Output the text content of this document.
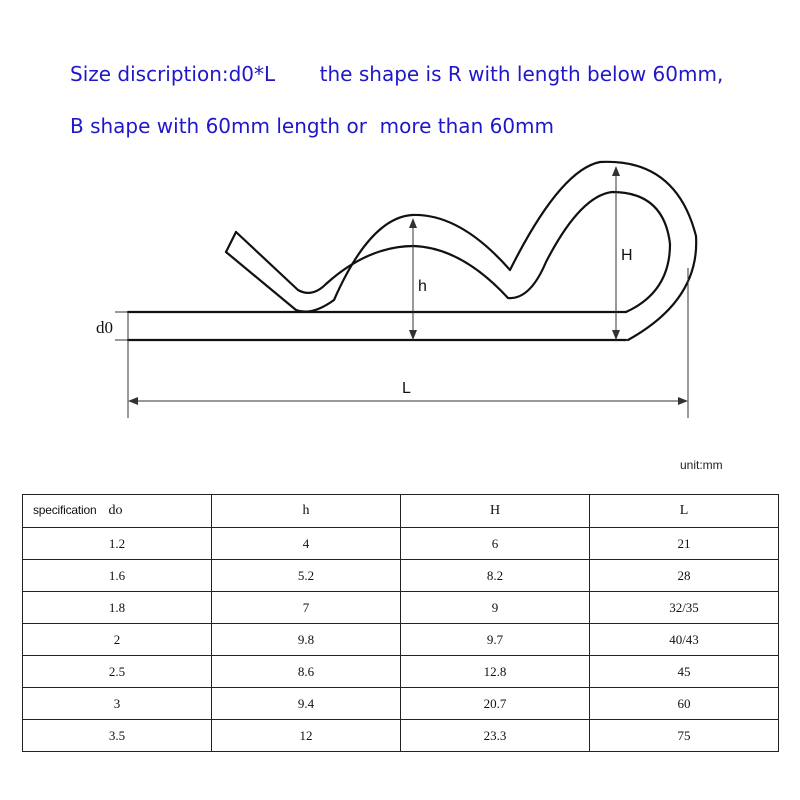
Size discription:d0*L       the shape is R with length below 60mm,

B shape with 60mm length or  more than 60mm

d0
h
H
L
unit:mm
specification do	h	H	L
1.2	4	6	21
1.6	5.2	8.2	28
1.8	7	9	32/35
2	9.8	9.7	40/43
2.5	8.6	12.8	45
3	9.4	20.7	60
3.5	12	23.3	75
